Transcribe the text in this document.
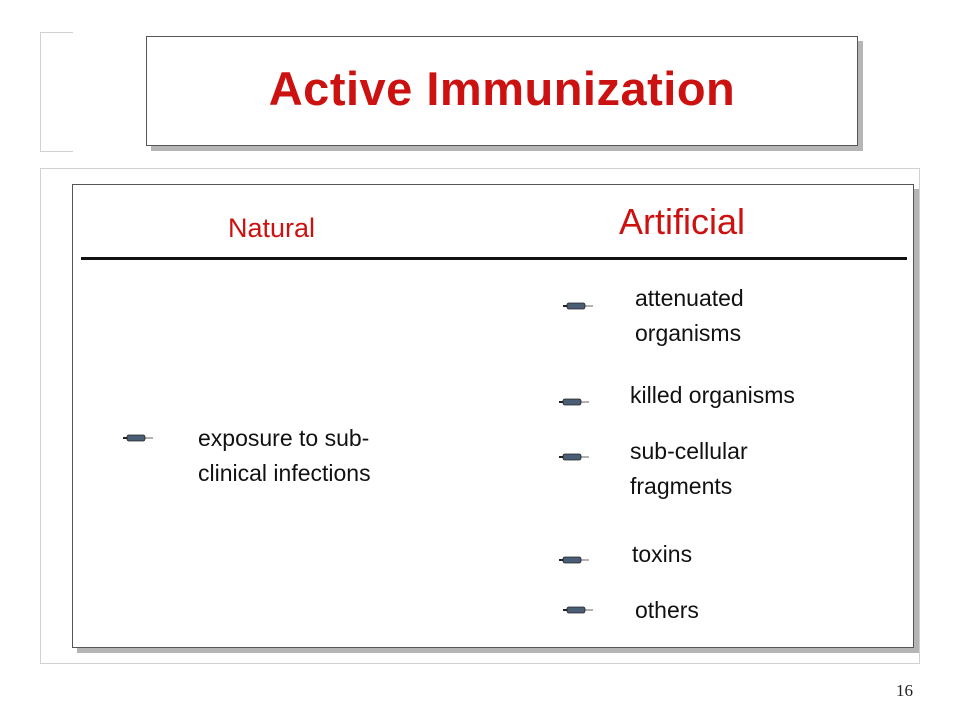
Active Immunization
Natural	Artificial
exposure to sub-
clinical infections
attenuated
organisms
killed organisms
sub-cellular
fragments
toxins
others
16
